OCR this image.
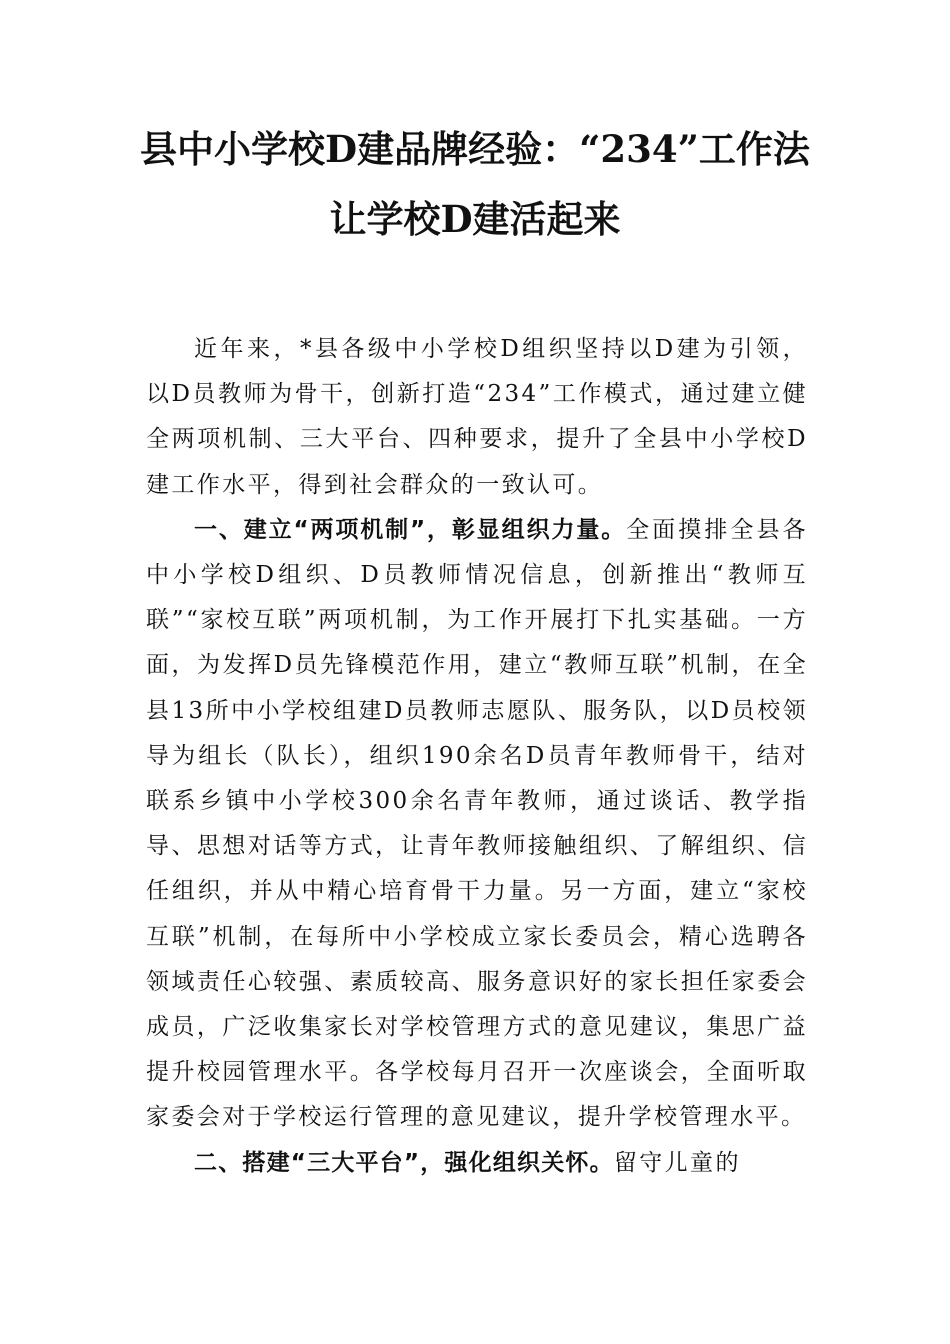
县中小学校D建品牌经验：“234”工作法
让学校D建活起来

近年来，*县各级中小学校D组织坚持以D建为引领，以D员教师为骨干，创新打造“234”工作模式，通过建立健全两项机制、三大平台、四种要求，提升了全县中小学校D建工作水平，得到社会群众的一致认可。

一、建立“两项机制”，彰显组织力量。全面摸排全县各中小学校D组织、D员教师情况信息，创新推出“教师互联”“家校互联”两项机制，为工作开展打下扎实基础。一方面，为发挥D员先锋模范作用，建立“教师互联”机制，在全县13所中小学校组建D员教师志愿队、服务队，以D员校领导为组长（队长），组织190余名D员青年教师骨干，结对联系乡镇中小学校300余名青年教师，通过谈话、教学指导、思想对话等方式，让青年教师接触组织、了解组织、信任组织，并从中精心培育骨干力量。另一方面，建立“家校互联”机制，在每所中小学校成立家长委员会，精心选聘各领域责任心较强、素质较高、服务意识好的家长担任家委会成员，广泛收集家长对学校管理方式的意见建议，集思广益提升校园管理水平。各学校每月召开一次座谈会，全面听取家委会对于学校运行管理的意见建议，提升学校管理水平。

二、搭建“三大平台”，强化组织关怀。留守儿童的
